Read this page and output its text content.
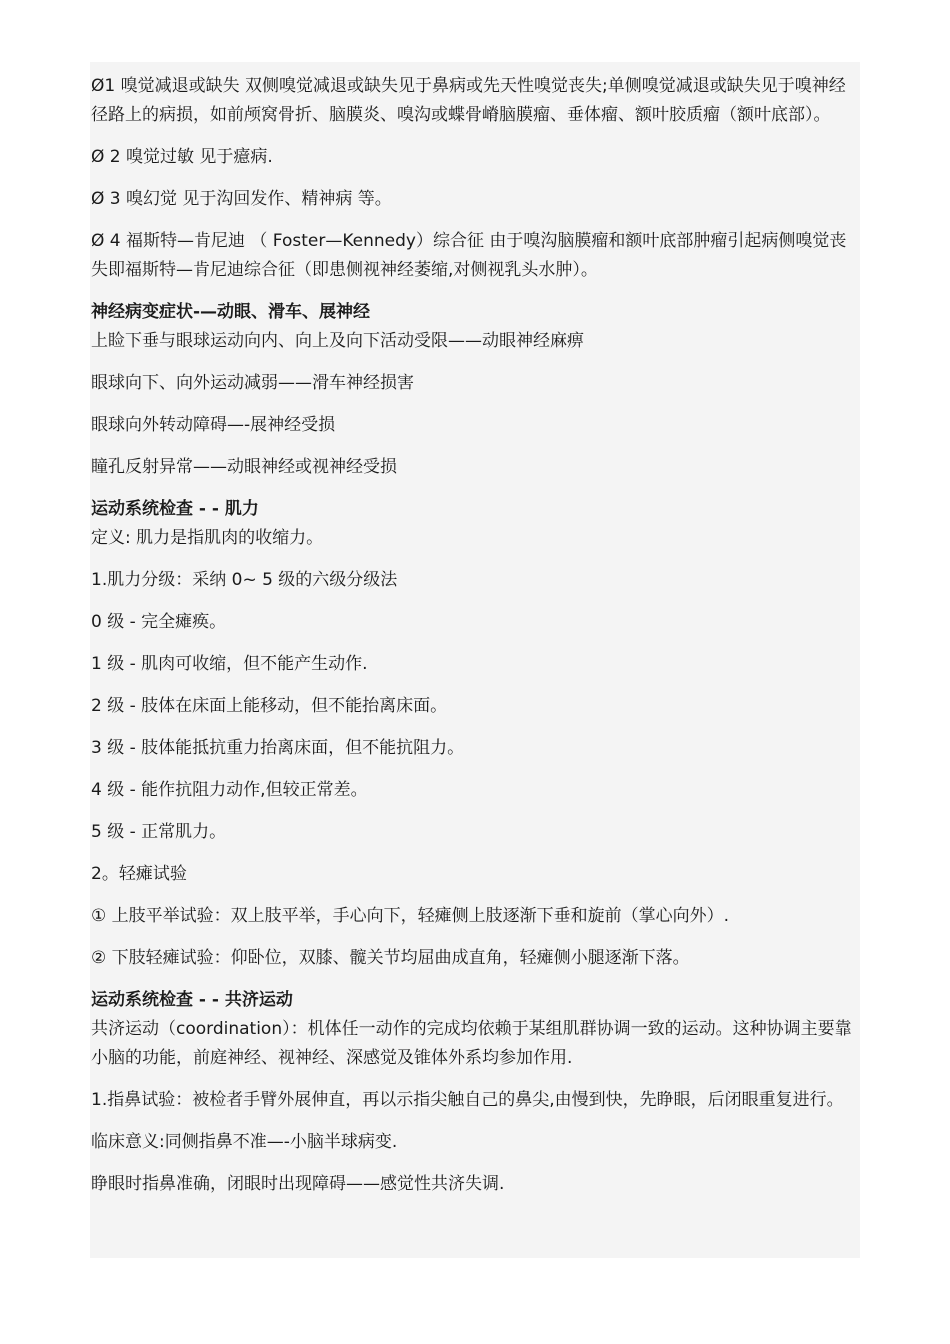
Ø1 嗅觉减退或缺失 双侧嗅觉减退或缺失见于鼻病或先天性嗅觉丧失;单侧嗅觉减退或缺失见于嗅神经径路上的病损，如前颅窝骨折、脑膜炎、嗅沟或蝶骨嵴脑膜瘤、垂体瘤、额叶胶质瘤（额叶底部）。

Ø 2 嗅觉过敏 见于癔病.

Ø 3 嗅幻觉 见于沟回发作、精神病 等。

Ø 4 福斯特—肯尼迪 （ Foster—Kennedy）综合征 由于嗅沟脑膜瘤和额叶底部肿瘤引起病侧嗅觉丧失即福斯特—肯尼迪综合征（即患侧视神经萎缩,对侧视乳头水肿）。

神经病变症状-—动眼、滑车、展神经

上睑下垂与眼球运动向内、向上及向下活动受限——动眼神经麻痹

眼球向下、向外运动减弱——滑车神经损害

眼球向外转动障碍—-展神经受损

瞳孔反射异常——动眼神经或视神经受损

运动系统检查 - - 肌力

定义: 肌力是指肌肉的收缩力。

1.肌力分级：采纳 0~ 5 级的六级分级法

0 级 - 完全瘫痪。

1 级 - 肌肉可收缩，但不能产生动作.

2 级 - 肢体在床面上能移动，但不能抬离床面。

3 级 - 肢体能抵抗重力抬离床面，但不能抗阻力。

4 级 - 能作抗阻力动作,但较正常差。

5 级 - 正常肌力。

2。轻瘫试验

① 上肢平举试验：双上肢平举，手心向下，轻瘫侧上肢逐渐下垂和旋前（掌心向外）.

② 下肢轻瘫试验：仰卧位，双膝、髋关节均屈曲成直角，轻瘫侧小腿逐渐下落。

运动系统检查 - - 共济运动

共济运动（coordination）：机体任一动作的完成均依赖于某组肌群协调一致的运动。这种协调主要靠小脑的功能，前庭神经、视神经、深感觉及锥体外系均参加作用.

1.指鼻试验：被检者手臂外展伸直，再以示指尖触自己的鼻尖,由慢到快，先睁眼，后闭眼重复进行。

临床意义:同侧指鼻不准—-小脑半球病变.

睁眼时指鼻准确，闭眼时出现障碍——感觉性共济失调.
